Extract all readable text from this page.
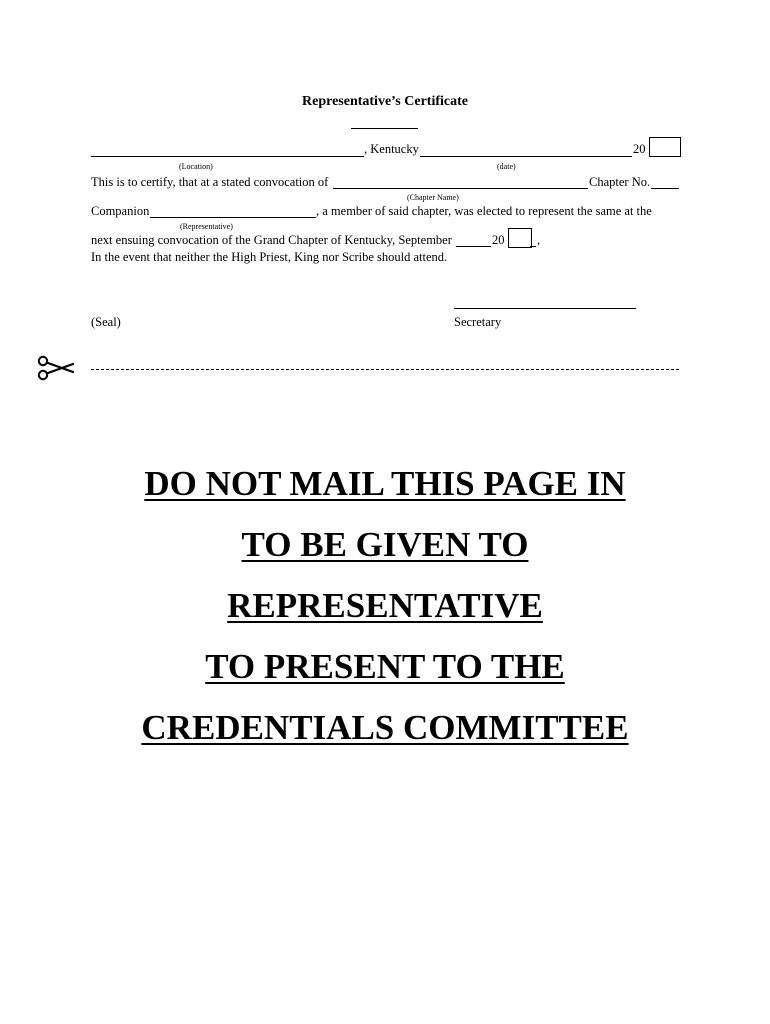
Representative’s Certificate
, Kentucky	20
(Location)	(date)
This is to certify, that at a stated convocation of	Chapter No.
(Chapter Name)
Companion	, a member of said chapter, was elected to represent the same at the
(Representative)
next ensuing convocation of the Grand Chapter of Kentucky, September	20	,
In the event that neither the High Priest, King nor Scribe should attend.
(Seal)	Secretary
DO NOT MAIL THIS PAGE IN
TO BE GIVEN TO
REPRESENTATIVE
TO PRESENT TO THE
CREDENTIALS COMMITTEE
